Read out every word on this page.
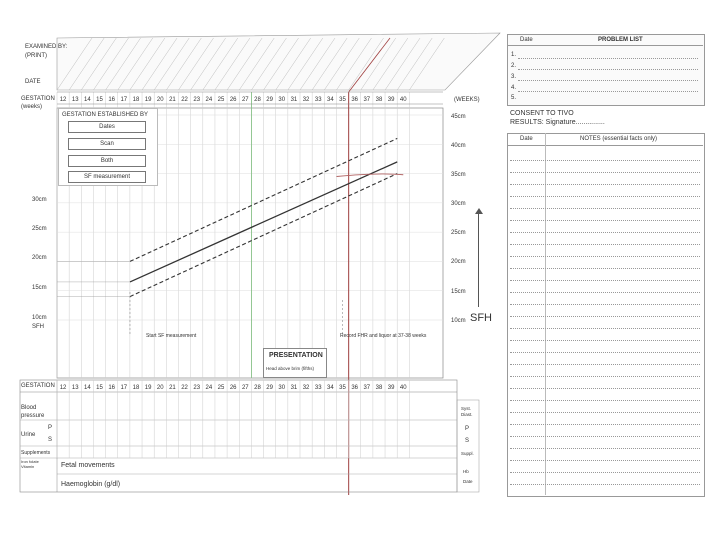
12 13 14 15 16 17 18 19 20 21 22 23 24 25 26 27 28 29 30 31 32 33 34 35 36 37 38 39 40
12 13 14 15 16 17 18 19 20 21 22 23 24 25 26 27 28 29 30 31 32 33 34 35 36 37 38 39 40
EXAMINED BY:
(PRINT)
DATE
GESTATION
(weeks)
(WEEKS)
GESTATION ESTABLISHED BY
Dates
Scan
Both
SF measurement
30cm
25cm
20cm
15cm
10cm
SFH
45cm
40cm
35cm
30cm
25cm
20cm
15cm
10cm SFH
Start SF measurement	Record FHR and liquor at 37-38 weeks
PRESENTATION
Head above brim (fifths)
GESTATION
Blood pressure
Urine
P
S
Supplements
Iron folate Vitamin	Fetal movements
Haemoglobin (g/dl)
Syst. Diast.
P
S
Suppl.
Hb
Date
Date	PROBLEM LIST
1.
2.
3.
4.
5.
CONSENT TO TIVO
RESULTS: Signature...............
Date	NOTES (essential facts only)
